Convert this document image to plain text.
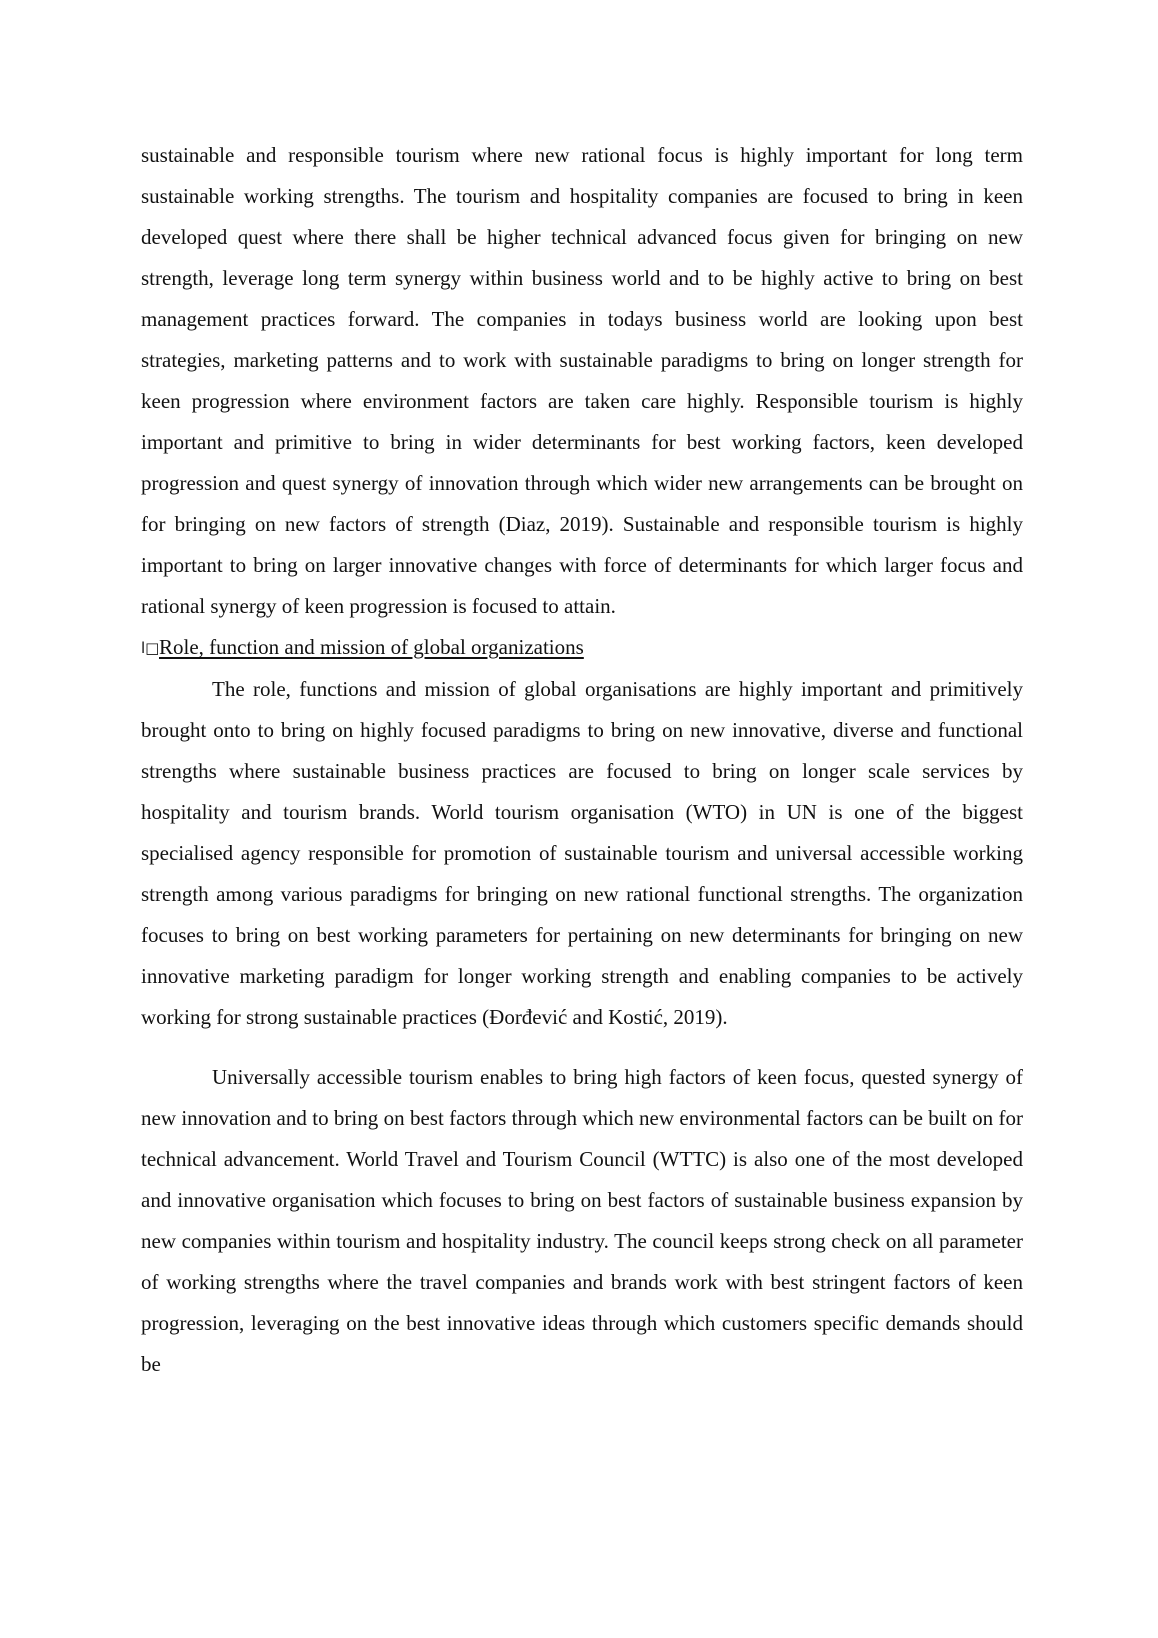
sustainable and responsible tourism where new rational focus is highly important for long term sustainable working strengths. The tourism and hospitality companies are focused to bring in keen developed quest where there shall be higher technical advanced focus given for bringing on new strength, leverage long term synergy within business world and to be highly active to bring on best management practices forward. The companies in todays business world are looking upon best strategies, marketing patterns and to work with sustainable paradigms to bring on longer strength for keen progression where environment factors are taken care highly. Responsible tourism is highly important and primitive to bring in wider determinants for best working factors, keen developed progression and quest synergy of innovation through which wider new arrangements can be brought on for bringing on new factors of strength (Diaz, 2019). Sustainable and responsible tourism is highly important to bring on larger innovative changes with force of determinants for which larger focus and rational synergy of keen progression is focused to attain.

l□Role, function and mission of global organizations

The role, functions and mission of global organisations are highly important and primitively brought onto to bring on highly focused paradigms to bring on new innovative, diverse and functional strengths where sustainable business practices are focused to bring on longer scale services by hospitality and tourism brands. World tourism organisation (WTO) in UN is one of the biggest specialised agency responsible for promotion of sustainable tourism and universal accessible working strength among various paradigms for bringing on new rational functional strengths. The organization focuses to bring on best working parameters for pertaining on new determinants for bringing on new innovative marketing paradigm for longer working strength and enabling companies to be actively working for strong sustainable practices (Đorđević and Kostić, 2019).

Universally accessible tourism enables to bring high factors of keen focus, quested synergy of new innovation and to bring on best factors through which new environmental factors can be built on for technical advancement. World Travel and Tourism Council (WTTC) is also one of the most developed and innovative organisation which focuses to bring on best factors of sustainable business expansion by new companies within tourism and hospitality industry. The council keeps strong check on all parameter of working strengths where the travel companies and brands work with best stringent factors of keen progression, leveraging on the best innovative ideas through which customers specific demands should be
